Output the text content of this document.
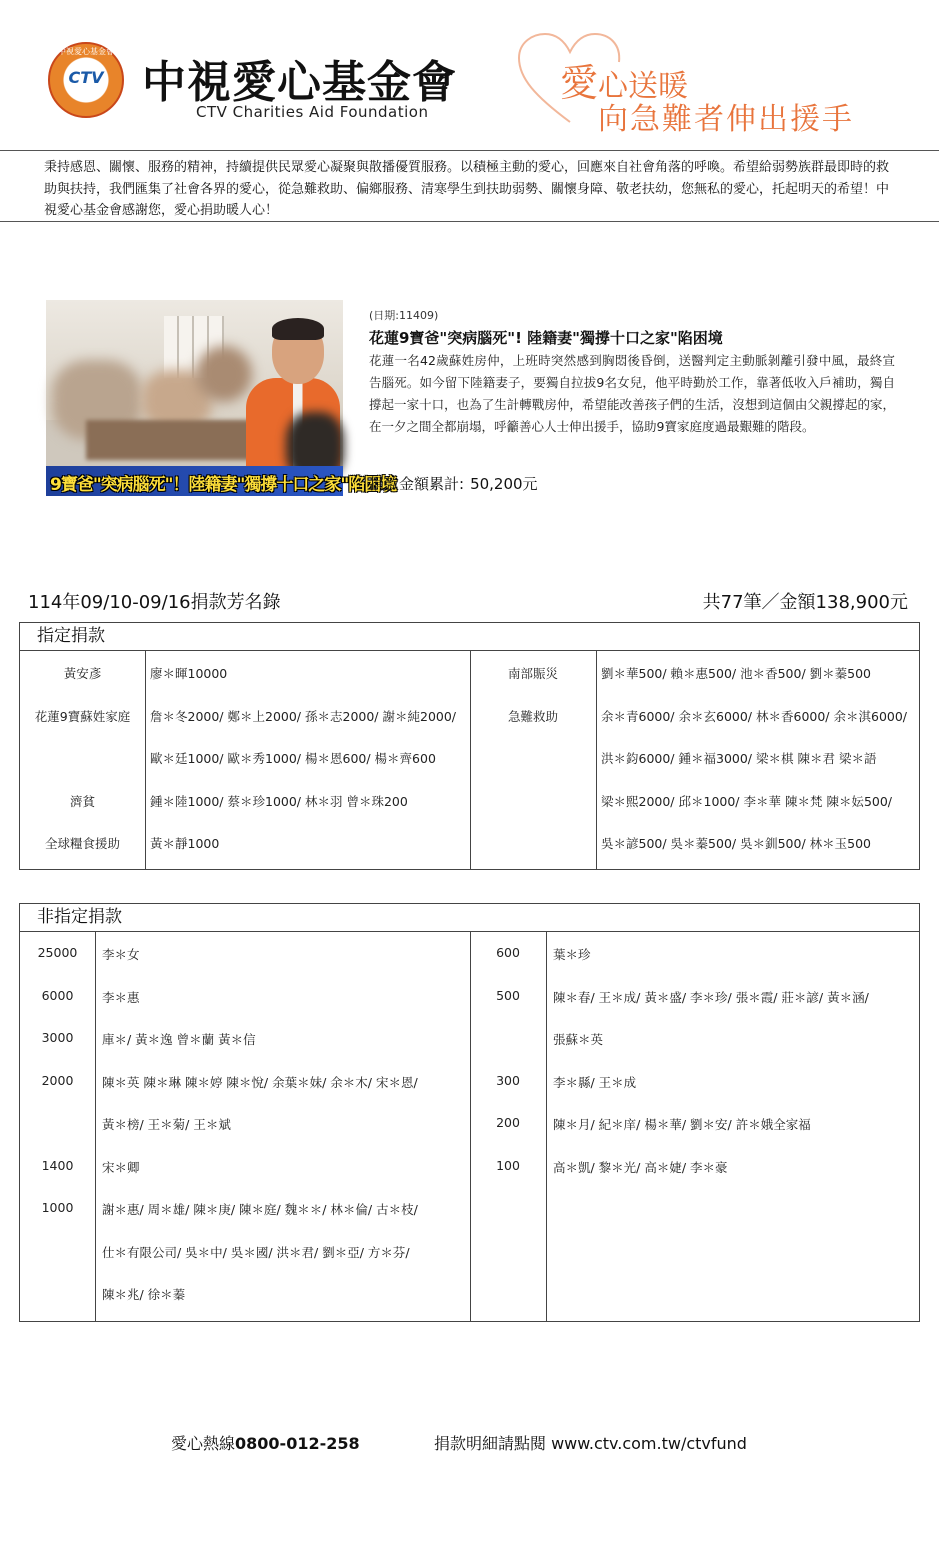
中視愛心基金會
CTV 中視愛心基金會
CTV Charities Aid Foundation
愛心送暖
向急難者伸出援手
秉持感恩、關懷、服務的精神，持續提供民眾愛心凝聚與散播優質服務。以積極主動的愛心，回應來自社會角落的呼喚。希望給弱勢族群最即時的救助與扶持，我們匯集了社會各界的愛心，從急難救助、偏鄉服務、清寒學生到扶助弱勢、關懷身障、敬老扶幼，您無私的愛心，托起明天的希望！中視愛心基金會感謝您，愛心捐助暖人心！
9寶爸"突病腦死"！陸籍妻"獨撐十口之家"陷困境
(日期:11409)
花蓮9寶爸"突病腦死"! 陸籍妻"獨撐十口之家"陷困境
花蓮一名42歲蘇姓房仲，上班時突然感到胸悶後昏倒，送醫判定主動脈剝離引發中風，最終宣告腦死。如今留下陸籍妻子，要獨自拉拔9名女兒，他平時勤於工作，靠著低收入戶補助，獨自撐起一家十口，也為了生計轉戰房仲，希望能改善孩子們的生活，沒想到這個由父親撐起的家，在一夕之間全都崩塌，呼籲善心人士伸出援手，協助9寶家庭度過最艱難的階段。
捐款金額累計: 50,200元
114年09/10-09/16捐款芳名錄	共77筆／金額138,900元
指定捐款
黃安彥	廖＊暉10000
花蓮9寶蘇姓家庭	詹＊冬2000/ 鄭＊上2000/ 孫＊志2000/ 謝＊純2000/
歐＊廷1000/ 歐＊秀1000/ 楊＊恩600/ 楊＊齊600
濟貧	鍾＊陸1000/ 蔡＊珍1000/ 林＊羽 曾＊珠200
全球糧食援助	黃＊靜1000
南部賑災	劉＊華500/ 賴＊惠500/ 池＊香500/ 劉＊蓁500
急難救助	余＊青6000/ 余＊玄6000/ 林＊香6000/ 余＊淇6000/
洪＊鈞6000/ 鍾＊福3000/ 梁＊棋 陳＊君 梁＊語
梁＊熙2000/ 邱＊1000/ 李＊華 陳＊梵 陳＊妘500/
吳＊諺500/ 吳＊蓁500/ 吳＊釧500/ 林＊玉500
非指定捐款
25000	李＊女
6000	李＊惠
3000	庫＊/ 黃＊逸 曾＊蘭 黃＊信
2000	陳＊英 陳＊琳 陳＊婷 陳＊悅/ 余葉＊妹/ 余＊木/ 宋＊恩/
黃＊榜/ 王＊菊/ 王＊斌
1400	宋＊卿
1000	謝＊惠/ 周＊雄/ 陳＊庚/ 陳＊庭/ 魏＊＊/ 林＊倫/ 古＊枝/
仕＊有限公司/ 吳＊中/ 吳＊國/ 洪＊君/ 劉＊亞/ 方＊芬/
陳＊兆/ 徐＊蓁
600	葉＊珍
500	陳＊春/ 王＊成/ 黃＊盛/ 李＊珍/ 張＊霞/ 莊＊諺/ 黃＊涵/
張蘇＊英
300	李＊縣/ 王＊成
200	陳＊月/ 紀＊庠/ 楊＊華/ 劉＊安/ 許＊娥全家福
100	高＊凱/ 黎＊光/ 高＊婕/ 李＊豪
愛心熱線0800-012-258	捐款明細請點閱 www.ctv.com.tw/ctvfund
